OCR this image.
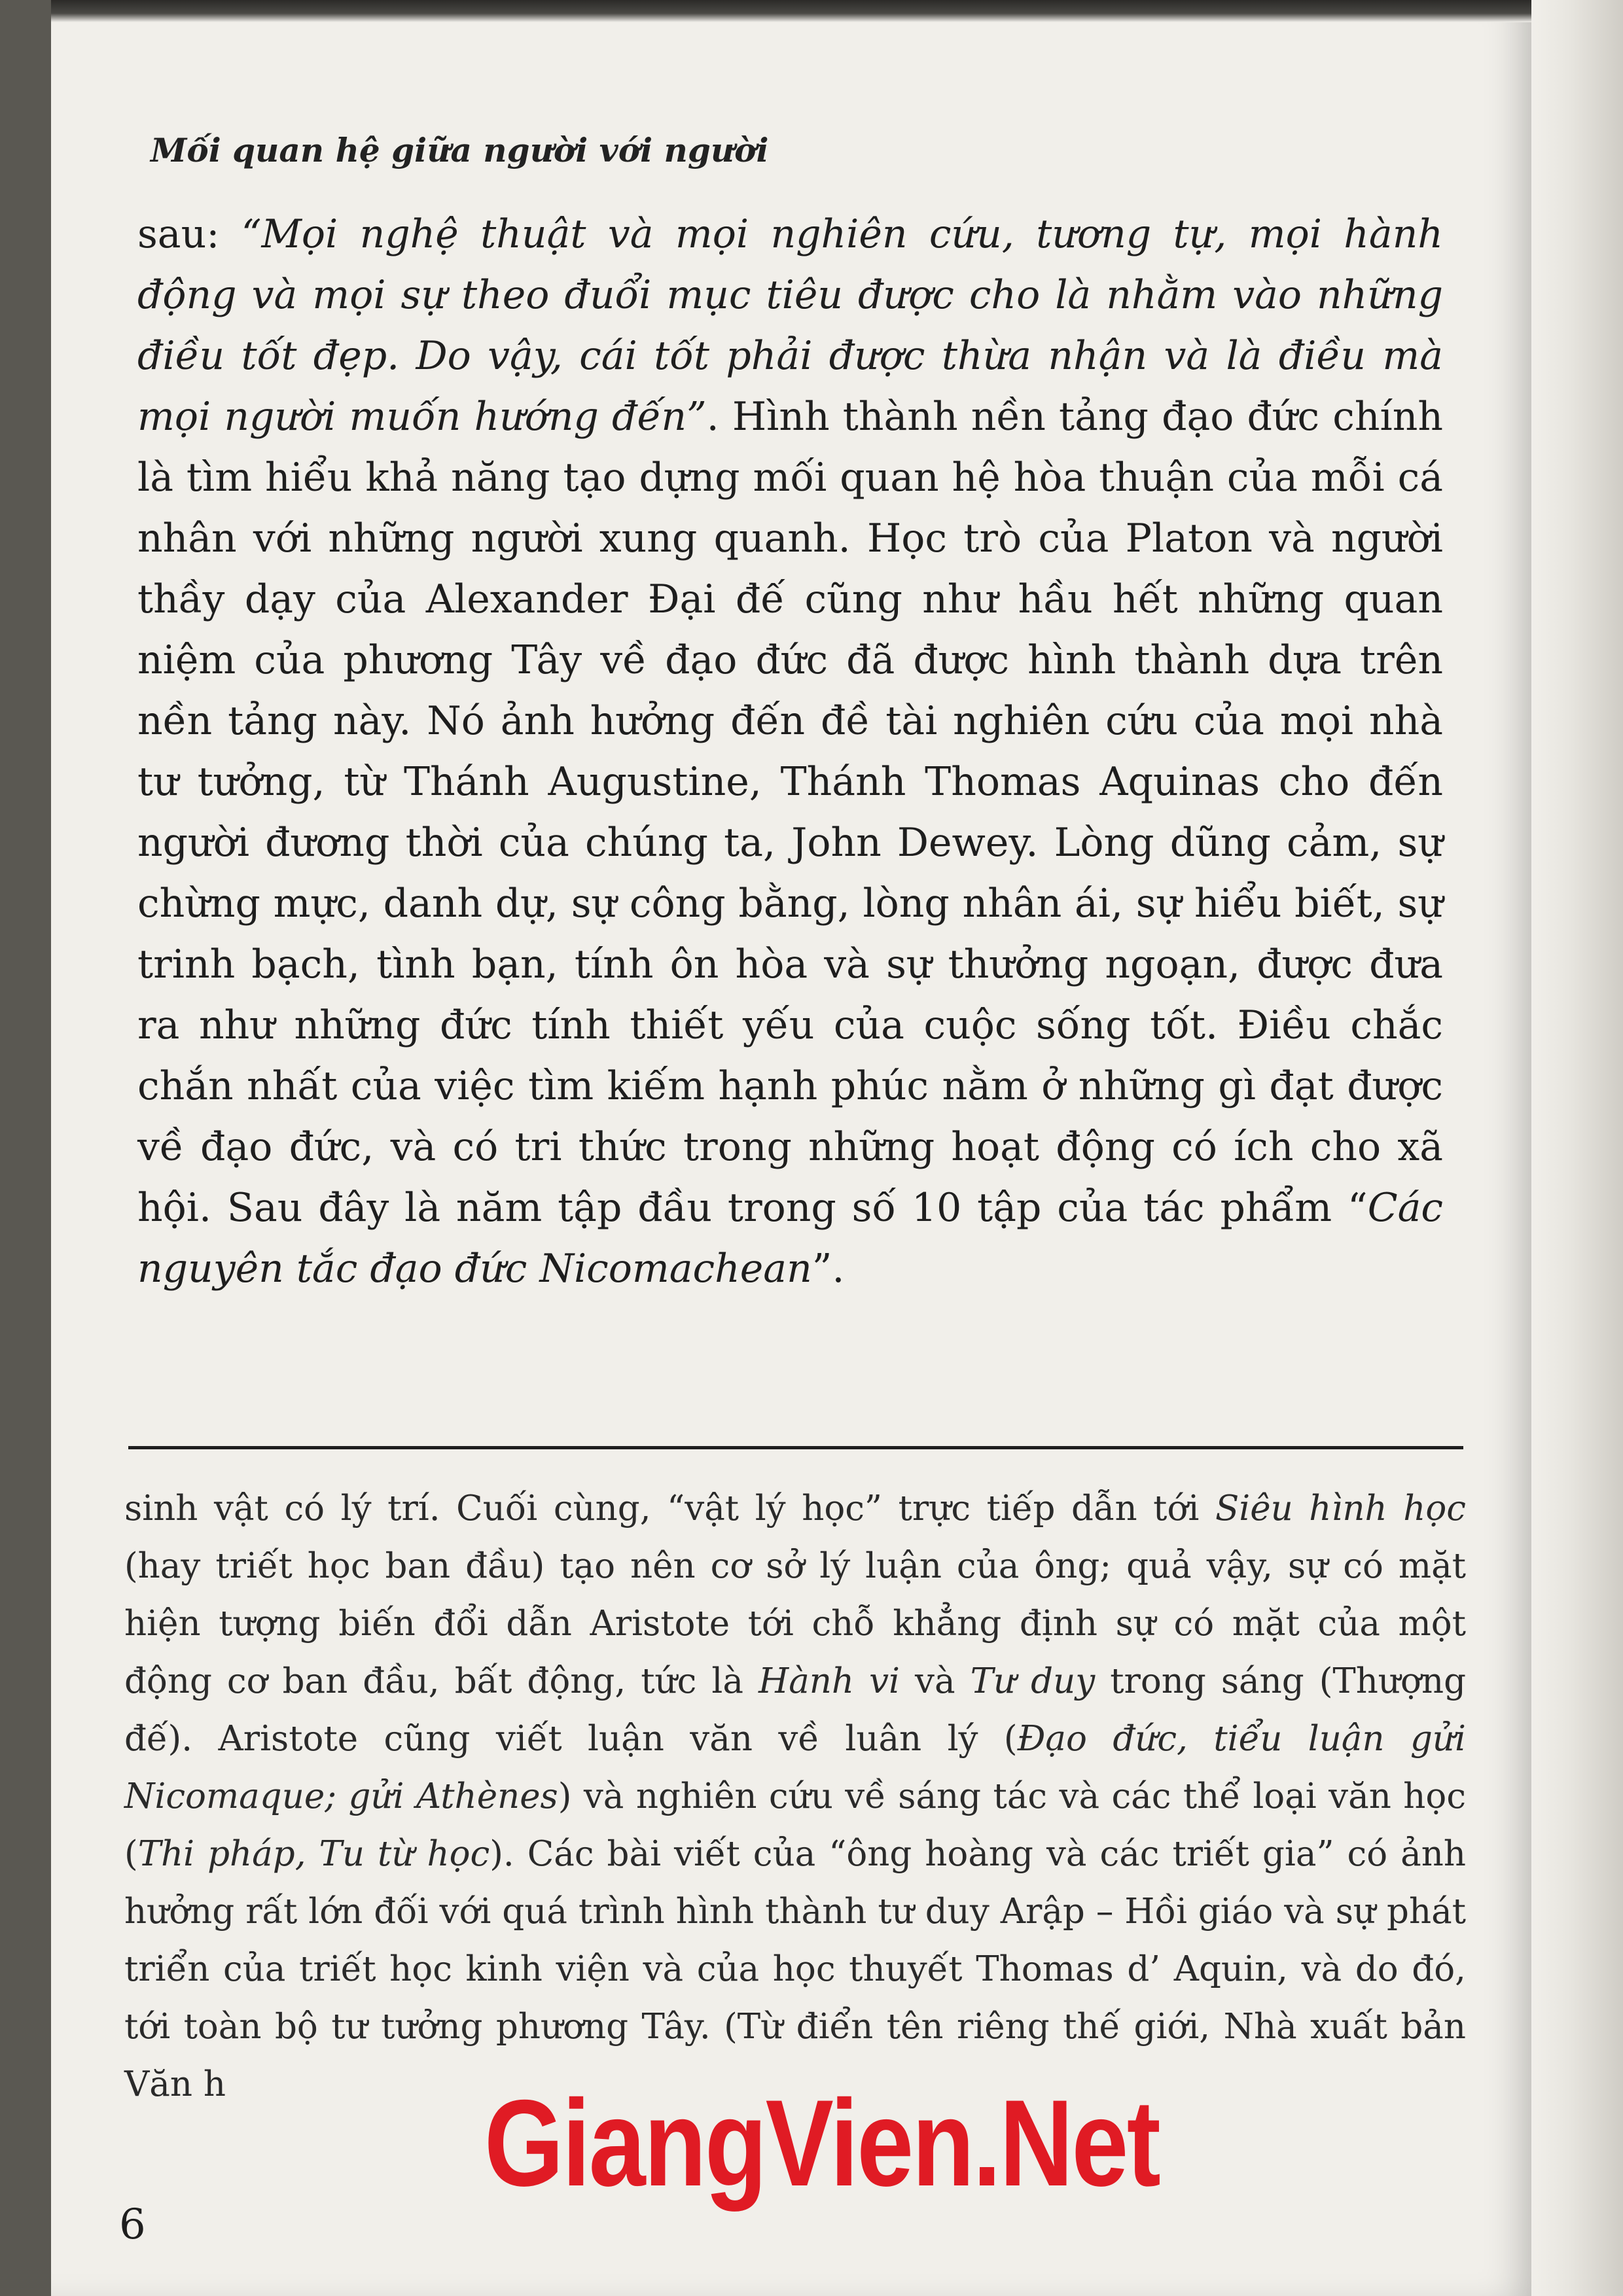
Mối quan hệ giữa người với người

sau: “Mọi nghệ thuật và mọi nghiên cứu, tương tự, mọi hành động và mọi sự theo đuổi mục tiêu được cho là nhằm vào những điều tốt đẹp. Do vậy, cái tốt phải được thừa nhận và là điều mà mọi người muốn hướng đến”. Hình thành nền tảng đạo đức chính là tìm hiểu khả năng tạo dựng mối quan hệ hòa thuận của mỗi cá nhân với những người xung quanh. Học trò của Platon và người thầy dạy của Alexander Đại đế cũng như hầu hết những quan niệm của phương Tây về đạo đức đã được hình thành dựa trên nền tảng này. Nó ảnh hưởng đến đề tài nghiên cứu của mọi nhà tư tưởng, từ Thánh Augustine, Thánh Thomas Aquinas cho đến người đương thời của chúng ta, John Dewey. Lòng dũng cảm, sự chừng mực, danh dự, sự công bằng, lòng nhân ái, sự hiểu biết, sự trinh bạch, tình bạn, tính ôn hòa và sự thưởng ngoạn, được đưa ra như những đức tính thiết yếu của cuộc sống tốt. Điều chắc chắn nhất của việc tìm kiếm hạnh phúc nằm ở những gì đạt được về đạo đức, và có tri thức trong những hoạt động có ích cho xã hội. Sau đây là năm tập đầu trong số 10 tập của tác phẩm “Các nguyên tắc đạo đức Nicomachean”.

sinh vật có lý trí. Cuối cùng, “vật lý học” trực tiếp dẫn tới Siêu hình học (hay triết học ban đầu) tạo nên cơ sở lý luận của ông; quả vậy, sự có mặt hiện tượng biến đổi dẫn Aristote tới chỗ khẳng định sự có mặt của một động cơ ban đầu, bất động, tức là Hành vi và Tư duy trong sáng (Thượng đế). Aristote cũng viết luận văn về luân lý (Đạo đức, tiểu luận gửi Nicomaque; gửi Athènes) và nghiên cứu về sáng tác và các thể loại văn học (Thi pháp, Tu từ học). Các bài viết của “ông hoàng và các triết gia” có ảnh hưởng rất lớn đối với quá trình hình thành tư duy Arập – Hồi giáo và sự phát triển của triết học kinh viện và của học thuyết Thomas d’ Aquin, và do đó, tới toàn bộ tư tưởng phương Tây. (Từ điển tên riêng thế giới, Nhà xuất bản Văn h

6
GiangVien.Net
